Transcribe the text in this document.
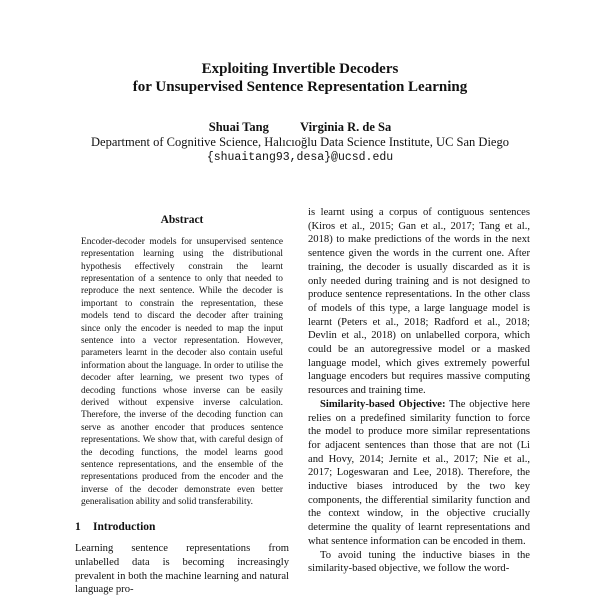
Exploiting Invertible Decoders
for Unsupervised Sentence Representation Learning
Shuai Tang Virginia R. de Sa
Department of Cognitive Science, Halıcıoğlu Data Science Institute, UC San Diego
{shuaitang93,desa}@ucsd.edu
Abstract

Encoder-decoder models for unsupervised sentence representation learning using the distributional hypothesis effectively constrain the learnt representation of a sentence to only that needed to reproduce the next sentence. While the decoder is important to constrain the representation, these models tend to discard the decoder after training since only the encoder is needed to map the input sentence into a vector representation. However, parameters learnt in the decoder also contain useful information about the language. In order to utilise the decoder after learning, we present two types of decoding functions whose inverse can be easily derived without expensive inverse calculation. Therefore, the inverse of the decoding function can serve as another encoder that produces sentence representations. We show that, with careful design of the decoding functions, the model learns good sentence representations, and the ensemble of the representations produced from the encoder and the inverse of the decoder demonstrate even better generalisation ability and solid transferability.

1 Introduction

Learning sentence representations from unlabelled data is becoming increasingly prevalent in both the machine learning and natural language pro-

is learnt using a corpus of contiguous sentences (Kiros et al., 2015; Gan et al., 2017; Tang et al., 2018) to make predictions of the words in the next sentence given the words in the current one. After training, the decoder is usually discarded as it is only needed during training and is not designed to produce sentence representations. In the other class of models of this type, a large language model is learnt (Peters et al., 2018; Radford et al., 2018; Devlin et al., 2018) on unlabelled corpora, which could be an autoregressive model or a masked language model, which gives extremely powerful language encoders but requires massive computing resources and training time.

Similarity-based Objective: The objective here relies on a predefined similarity function to force the model to produce more similar representations for adjacent sentences than those that are not (Li and Hovy, 2014; Jernite et al., 2017; Nie et al., 2017; Logeswaran and Lee, 2018). Therefore, the inductive biases introduced by the two key components, the differential similarity function and the context window, in the objective crucially determine the quality of learnt representations and what sentence information can be encoded in them.

To avoid tuning the inductive biases in the similarity-based objective, we follow the word-
